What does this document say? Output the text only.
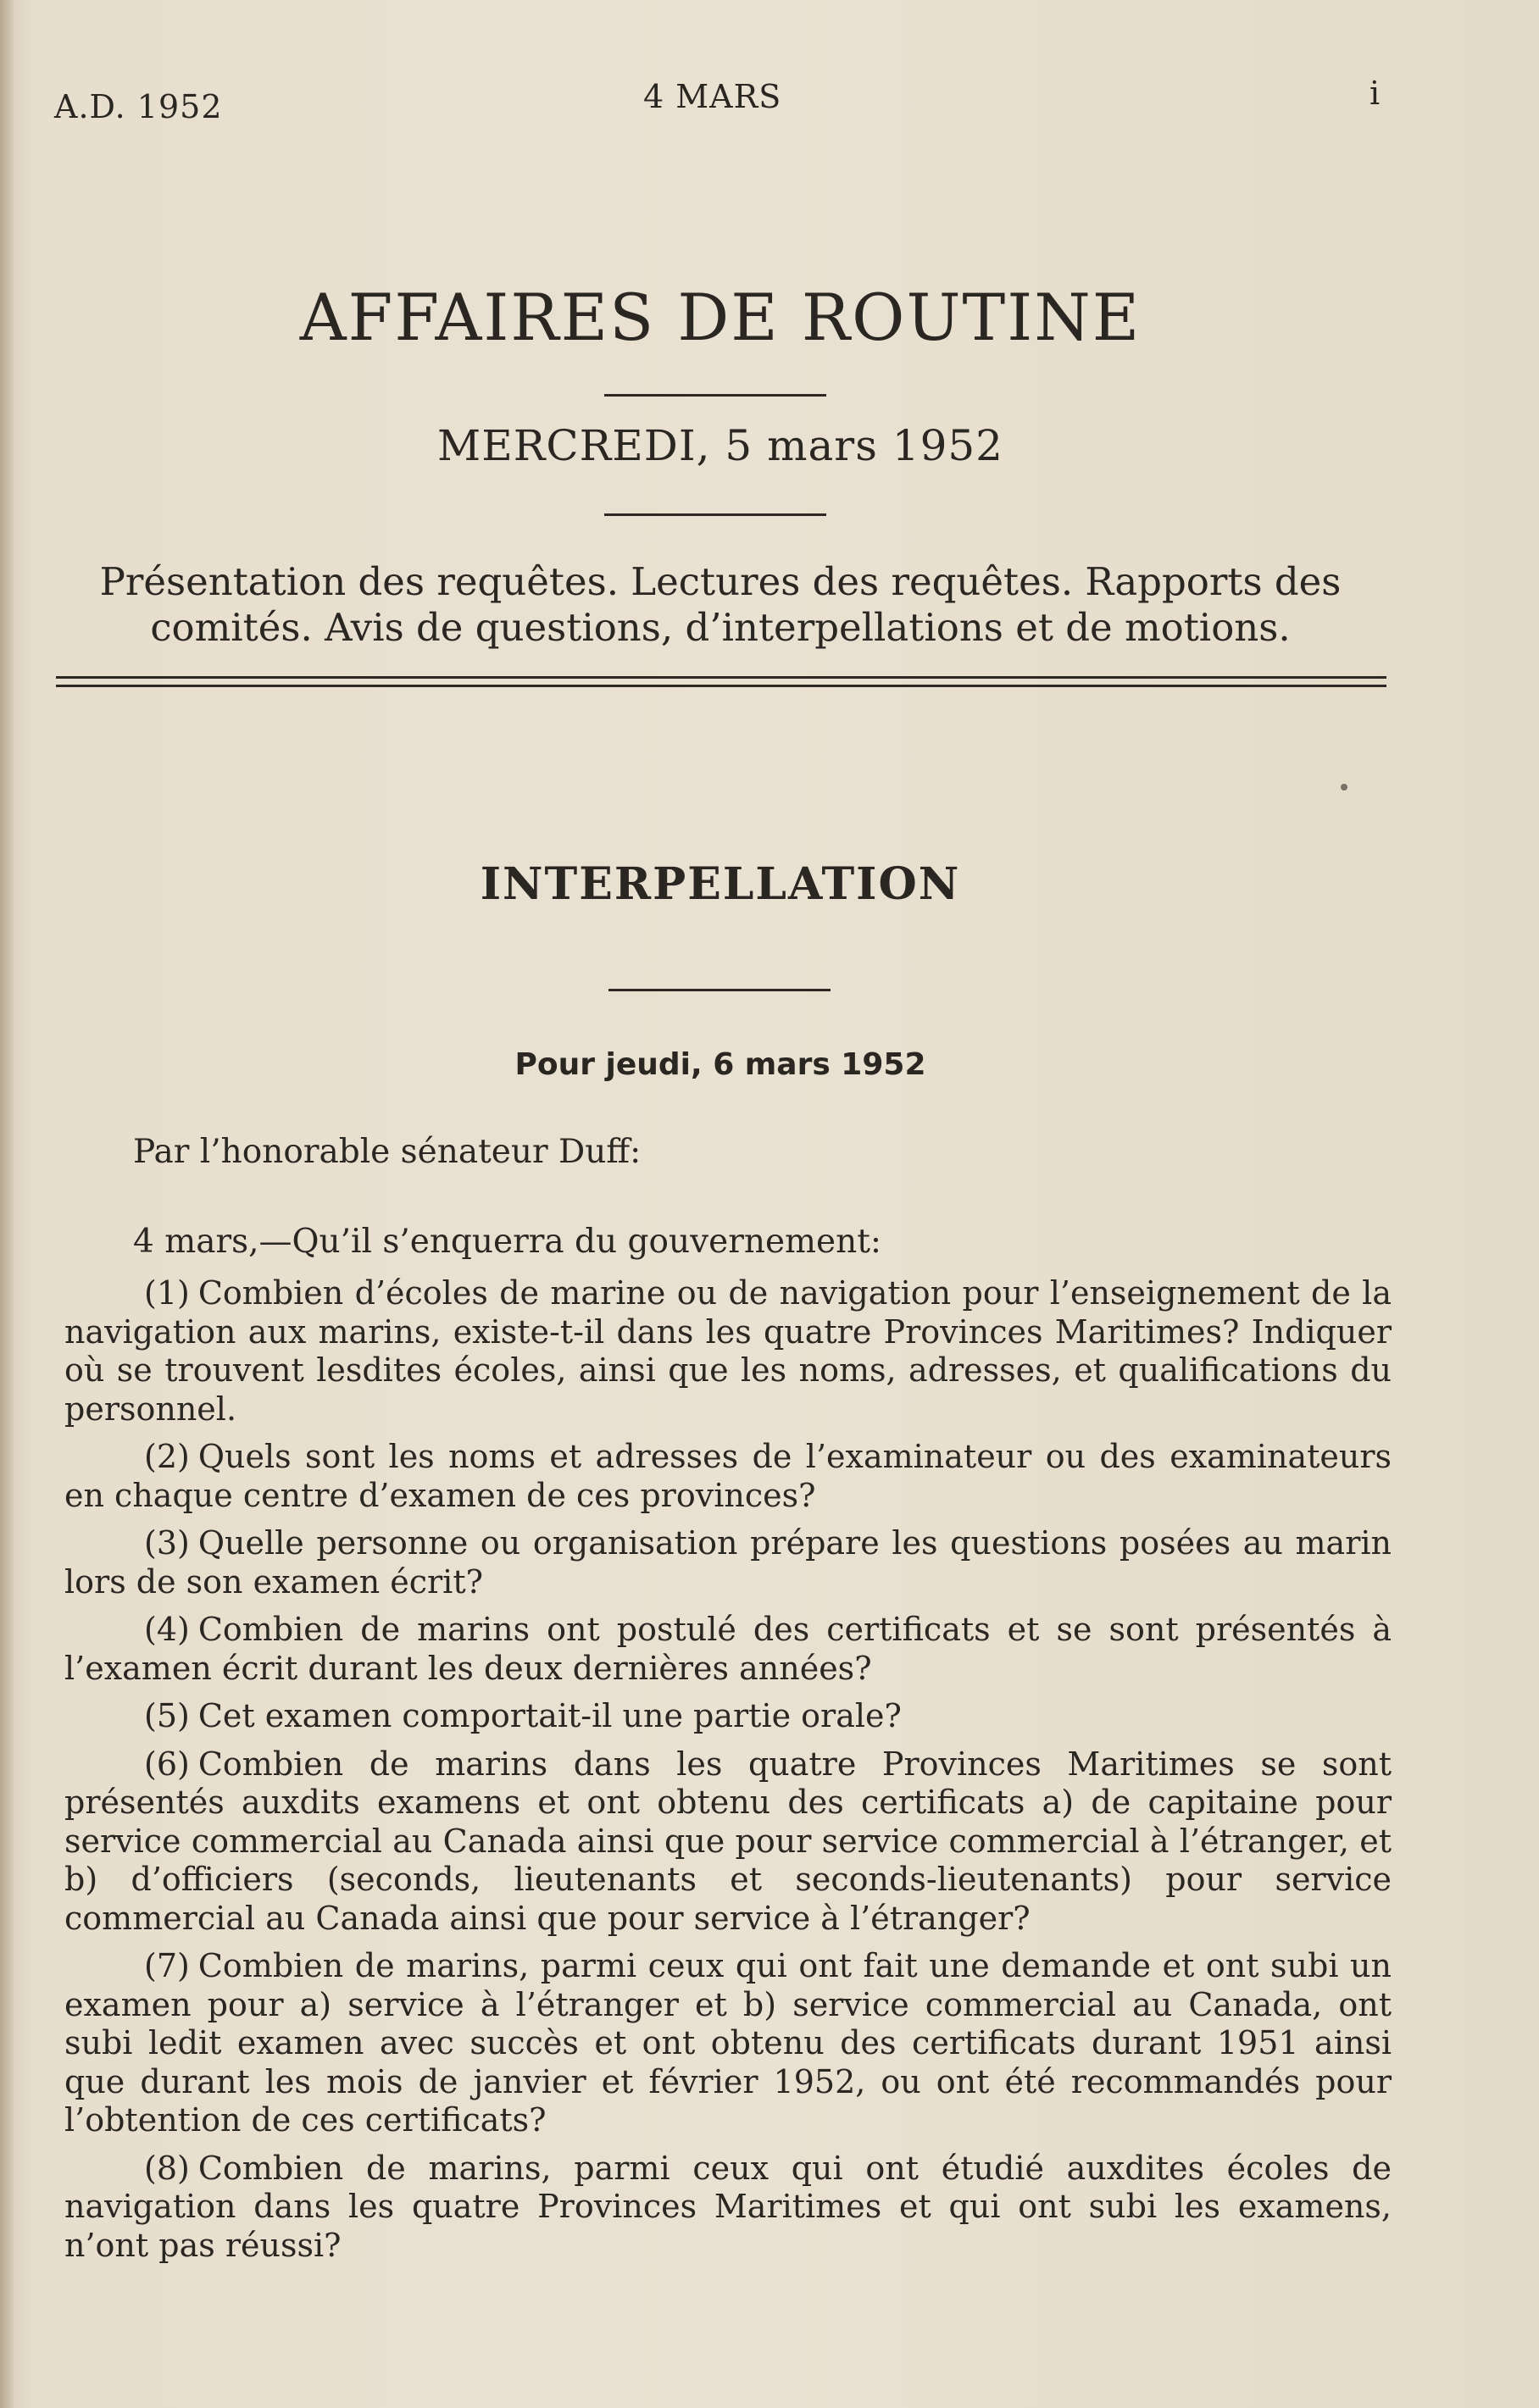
A.D. 1952	4 MARS	i
AFFAIRES DE ROUTINE
MERCREDI, 5 mars 1952
Présentation des requêtes. Lectures des requêtes. Rapports des comités. Avis de questions, d’interpellations et de motions.
INTERPELLATION
Pour jeudi, 6 mars 1952
Par l’honorable sénateur Duff:
4 mars,—Qu’il s’enquerra du gouvernement:

(1) Combien d’écoles de marine ou de navigation pour l’enseignement de la navigation aux marins, existe-t-il dans les quatre Provinces Maritimes? Indiquer où se trouvent lesdites écoles, ainsi que les noms, adresses, et qualifications du personnel.

(2) Quels sont les noms et adresses de l’examinateur ou des examinateurs en chaque centre d’examen de ces provinces?

(3) Quelle personne ou organisation prépare les questions posées au marin lors de son examen écrit?

(4) Combien de marins ont postulé des certificats et se sont présentés à l’examen écrit durant les deux dernières années?

(5) Cet examen comportait-il une partie orale?

(6) Combien de marins dans les quatre Provinces Maritimes se sont présentés auxdits examens et ont obtenu des certificats a) de capitaine pour service commercial au Canada ainsi que pour service commercial à l’étranger, et b) d’officiers (seconds, lieutenants et seconds-lieutenants) pour service commercial au Canada ainsi que pour service à l’étranger?

(7) Combien de marins, parmi ceux qui ont fait une demande et ont subi un examen pour a) service à l’étranger et b) service commercial au Canada, ont subi ledit examen avec succès et ont obtenu des certificats durant 1951 ainsi que durant les mois de janvier et février 1952, ou ont été recommandés pour l’obtention de ces certificats?

(8) Combien de marins, parmi ceux qui ont étudié auxdites écoles de navigation dans les quatre Provinces Maritimes et qui ont subi les examens, n’ont pas réussi?
